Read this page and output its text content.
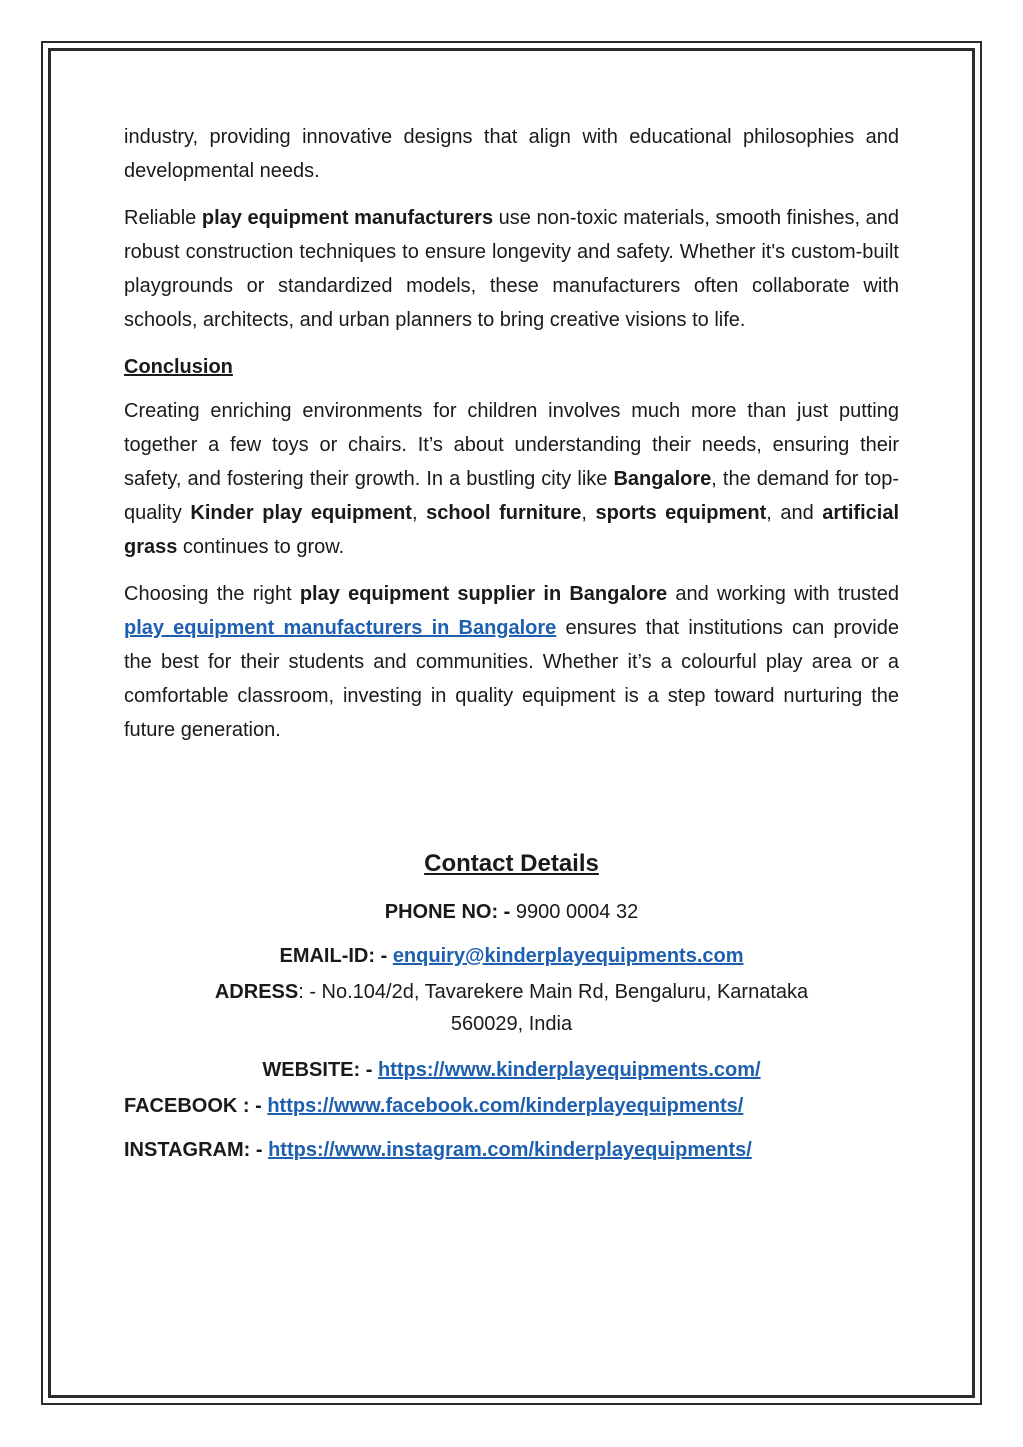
industry, providing innovative designs that align with educational philosophies and developmental needs.

Reliable play equipment manufacturers use non-toxic materials, smooth finishes, and robust construction techniques to ensure longevity and safety. Whether it's custom-built playgrounds or standardized models, these manufacturers often collaborate with schools, architects, and urban planners to bring creative visions to life.

Conclusion

Creating enriching environments for children involves much more than just putting together a few toys or chairs. It’s about understanding their needs, ensuring their safety, and fostering their growth. In a bustling city like Bangalore, the demand for top-quality Kinder play equipment, school furniture, sports equipment, and artificial grass continues to grow.

Choosing the right play equipment supplier in Bangalore and working with trusted play equipment manufacturers in Bangalore ensures that institutions can provide the best for their students and communities. Whether it’s a colourful play area or a comfortable classroom, investing in quality equipment is a step toward nurturing the future generation.

Contact Details
PHONE NO: - 9900 0004 32
EMAIL-ID: - enquiry@kinderplayequipments.com
ADRESS: - No.104/2d, Tavarekere Main Rd, Bengaluru, Karnataka
560029, India
WEBSITE: - https://www.kinderplayequipments.com/
FACEBOOK : - https://www.facebook.com/kinderplayequipments/
INSTAGRAM: - https://www.instagram.com/kinderplayequipments/
